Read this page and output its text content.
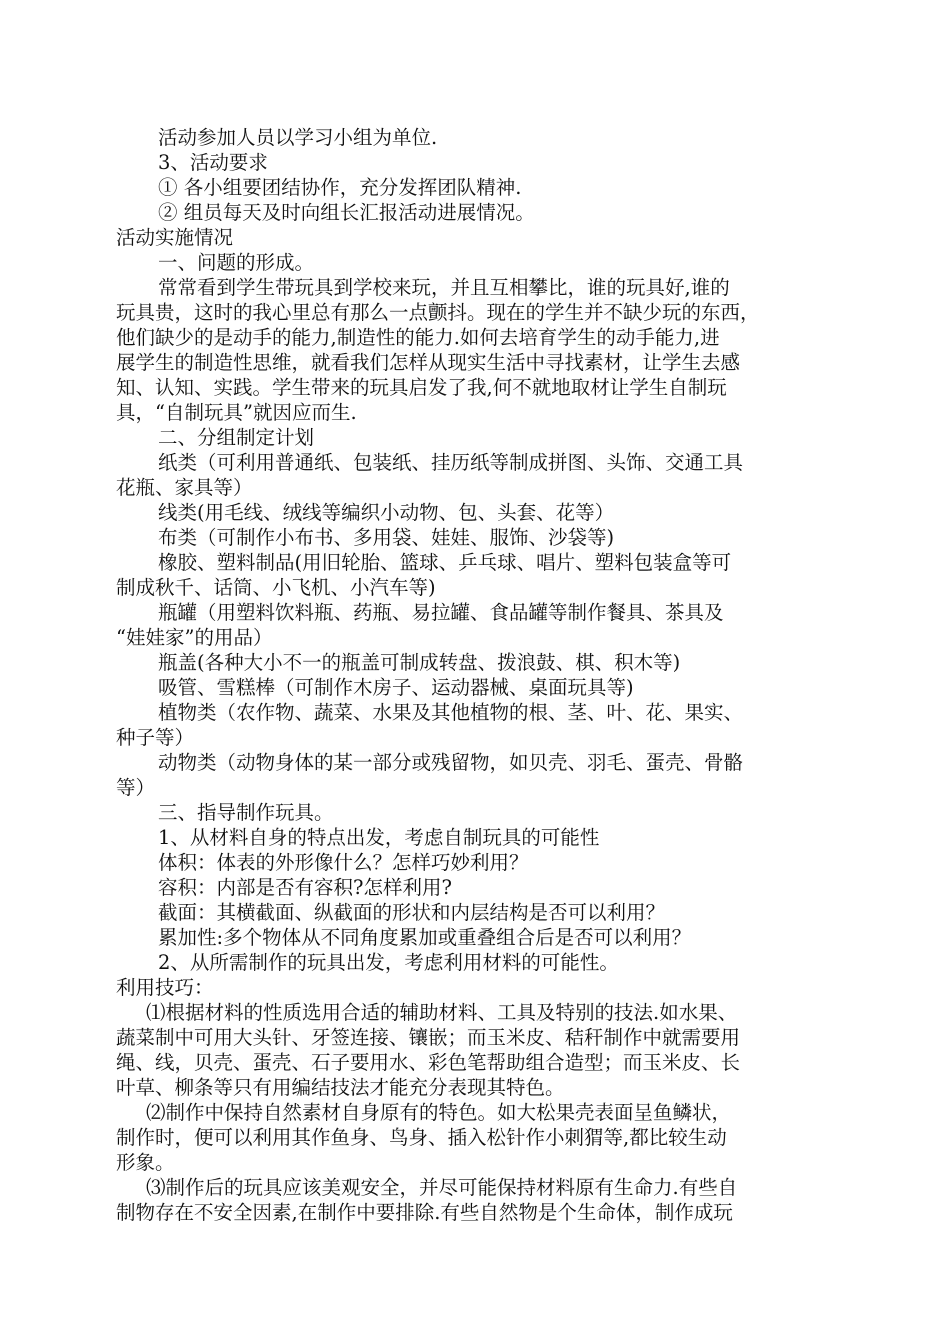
活动参加人员以学习小组为单位.

3、活动要求

① 各小组要团结协作，充分发挥团队精神.

② 组员每天及时向组长汇报活动进展情况。

活动实施情况

一、问题的形成。

常常看到学生带玩具到学校来玩，并且互相攀比，谁的玩具好,谁的

玩具贵，这时的我心里总有那么一点颤抖。现在的学生并不缺少玩的东西，

他们缺少的是动手的能力,制造性的能力.如何去培育学生的动手能力,进

展学生的制造性思维，就看我们怎样从现实生活中寻找素材，让学生去感

知、认知、实践。学生带来的玩具启发了我,何不就地取材让学生自制玩

具，“自制玩具”就因应而生.

二、分组制定计划

纸类（可利用普通纸、包装纸、挂历纸等制成拼图、头饰、交通工具

花瓶、家具等）

线类(用毛线、绒线等编织小动物、包、头套、花等）

布类（可制作小布书、多用袋、娃娃、服饰、沙袋等)

橡胶、塑料制品(用旧轮胎、篮球、乒乓球、唱片、塑料包装盒等可

制成秋千、话筒、小飞机、小汽车等)

瓶罐（用塑料饮料瓶、药瓶、易拉罐、食品罐等制作餐具、茶具及

“娃娃家”的用品）

瓶盖(各种大小不一的瓶盖可制成转盘、拨浪鼓、棋、积木等)

吸管、雪糕棒（可制作木房子、运动器械、桌面玩具等)

植物类（农作物、蔬菜、水果及其他植物的根、茎、叶、花、果实、

种子等）

动物类（动物身体的某一部分或残留物，如贝壳、羽毛、蛋壳、骨骼

等）

三、指导制作玩具。

1、从材料自身的特点出发，考虑自制玩具的可能性

体积：体表的外形像什么？怎样巧妙利用？

容积：内部是否有容积?怎样利用?

截面：其横截面、纵截面的形状和内层结构是否可以利用？

累加性:多个物体从不同角度累加或重叠组合后是否可以利用？

2、从所需制作的玩具出发，考虑利用材料的可能性。

利用技巧：

⑴根据材料的性质选用合适的辅助材料、工具及特别的技法.如水果、

蔬菜制中可用大头针、牙签连接、镶嵌；而玉米皮、秸秆制作中就需要用

绳、线，贝壳、蛋壳、石子要用水、彩色笔帮助组合造型；而玉米皮、长

叶草、柳条等只有用编结技法才能充分表现其特色。

⑵制作中保持自然素材自身原有的特色。如大松果壳表面呈鱼鳞状，

制作时，便可以利用其作鱼身、鸟身、插入松针作小刺猬等,都比较生动

形象。

⑶制作后的玩具应该美观安全，并尽可能保持材料原有生命力.有些自

制物存在不安全因素,在制作中要排除.有些自然物是个生命体，制作成玩
